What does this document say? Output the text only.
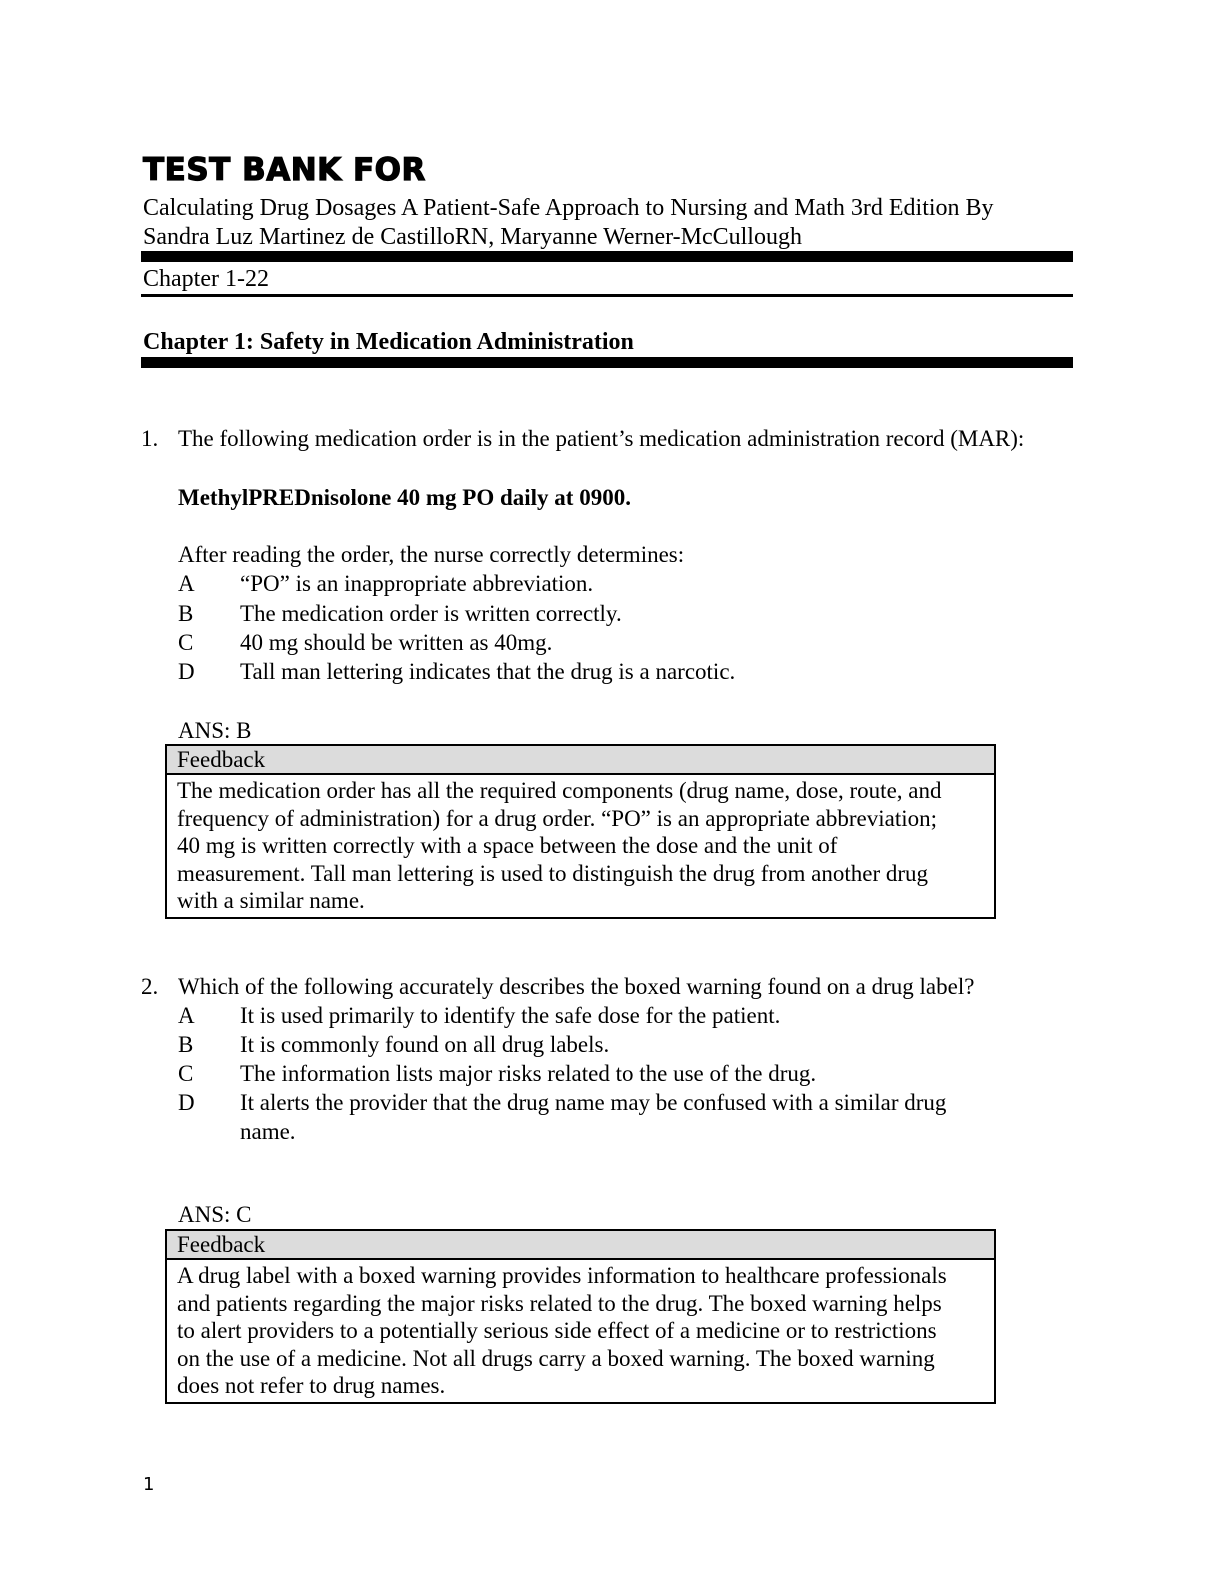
TEST BANK FOR
Calculating Drug Dosages A Patient-Safe Approach to Nursing and Math 3rd Edition By
Sandra Luz Martinez de CastilloRN, Maryanne Werner-McCullough
Chapter 1-22
Chapter 1: Safety in Medication Administration
1. The following medication order is in the patient’s medication administration record (MAR):
MethylPREDnisolone 40 mg PO daily at 0900.
After reading the order, the nurse correctly determines:
A “PO” is an inappropriate abbreviation.
B The medication order is written correctly.
C 40 mg should be written as 40mg.
D Tall man lettering indicates that the drug is a narcotic.
ANS: B
Feedback
The medication order has all the required components (drug name, dose, route, and
frequency of administration) for a drug order. “PO” is an appropriate abbreviation;
40 mg is written correctly with a space between the dose and the unit of
measurement. Tall man lettering is used to distinguish the drug from another drug
with a similar name.
2. Which of the following accurately describes the boxed warning found on a drug label?
A It is used primarily to identify the safe dose for the patient.
B It is commonly found on all drug labels.
C The information lists major risks related to the use of the drug.
D It alerts the provider that the drug name may be confused with a similar drug
name.
ANS: C
Feedback
A drug label with a boxed warning provides information to healthcare professionals
and patients regarding the major risks related to the drug. The boxed warning helps
to alert providers to a potentially serious side effect of a medicine or to restrictions
on the use of a medicine. Not all drugs carry a boxed warning. The boxed warning
does not refer to drug names.
1
